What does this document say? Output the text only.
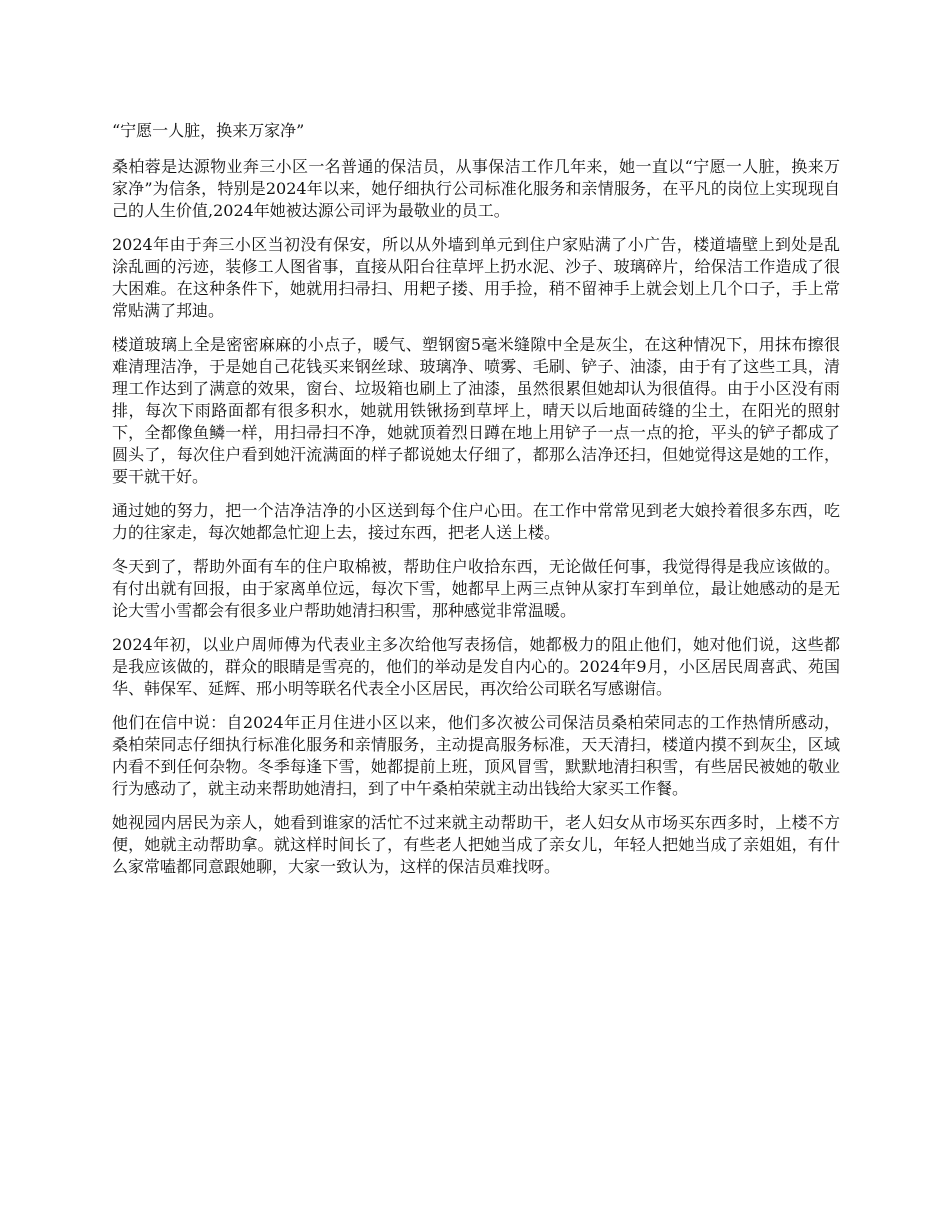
“宁愿一人脏，换来万家净”

桑柏蓉是达源物业奔三小区一名普通的保洁员，从事保洁工作几年来，她一直以“宁愿一人脏，换来万家净”为信条，特别是2024年以来，她仔细执行公司标准化服务和亲情服务，在平凡的岗位上实现现自己的人生价值,2024年她被达源公司评为最敬业的员工。

2024年由于奔三小区当初没有保安，所以从外墙到单元到住户家贴满了小广告，楼道墙壁上到处是乱涂乱画的污迹，装修工人图省事，直接从阳台往草坪上扔水泥、沙子、玻璃碎片，给保洁工作造成了很大困难。在这种条件下，她就用扫帚扫、用耙子搂、用手捡，稍不留神手上就会划上几个口子，手上常常贴满了邦迪。

楼道玻璃上全是密密麻麻的小点子，暖气、塑钢窗5毫米缝隙中全是灰尘，在这种情况下，用抹布擦很难清理洁净，于是她自己花钱买来钢丝球、玻璃净、喷雾、毛刷、铲子、油漆，由于有了这些工具，清理工作达到了满意的效果，窗台、垃圾箱也刷上了油漆，虽然很累但她却认为很值得。由于小区没有雨排，每次下雨路面都有很多积水，她就用铁锹扬到草坪上，晴天以后地面砖缝的尘土，在阳光的照射下，全都像鱼鳞一样，用扫帚扫不净，她就顶着烈日蹲在地上用铲子一点一点的抢，平头的铲子都成了圆头了，每次住户看到她汗流满面的样子都说她太仔细了，都那么洁净还扫，但她觉得这是她的工作，要干就干好。

通过她的努力，把一个洁净洁净的小区送到每个住户心田。在工作中常常见到老大娘拎着很多东西，吃力的往家走，每次她都急忙迎上去，接过东西，把老人送上楼。

冬天到了，帮助外面有车的住户取棉被，帮助住户收拾东西，无论做任何事，我觉得得是我应该做的。有付出就有回报，由于家离单位远，每次下雪，她都早上两三点钟从家打车到单位，最让她感动的是无论大雪小雪都会有很多业户帮助她清扫积雪，那种感觉非常温暖。

2024年初，以业户周师傅为代表业主多次给他写表扬信，她都极力的阻止他们，她对他们说，这些都是我应该做的，群众的眼睛是雪亮的，他们的举动是发自内心的。2024年9月，小区居民周喜武、苑国华、韩保军、延辉、邢小明等联名代表全小区居民，再次给公司联名写感谢信。

他们在信中说：自2024年正月住进小区以来，他们多次被公司保洁员桑柏荣同志的工作热情所感动，桑柏荣同志仔细执行标准化服务和亲情服务，主动提高服务标准，天天清扫，楼道内摸不到灰尘，区域内看不到任何杂物。冬季每逢下雪，她都提前上班，顶风冒雪，默默地清扫积雪，有些居民被她的敬业行为感动了，就主动来帮助她清扫，到了中午桑柏荣就主动出钱给大家买工作餐。

她视园内居民为亲人，她看到谁家的活忙不过来就主动帮助干，老人妇女从市场买东西多时，上楼不方便，她就主动帮助拿。就这样时间长了，有些老人把她当成了亲女儿，年轻人把她当成了亲姐姐，有什么家常嗑都同意跟她聊，大家一致认为，这样的保洁员难找呀。
